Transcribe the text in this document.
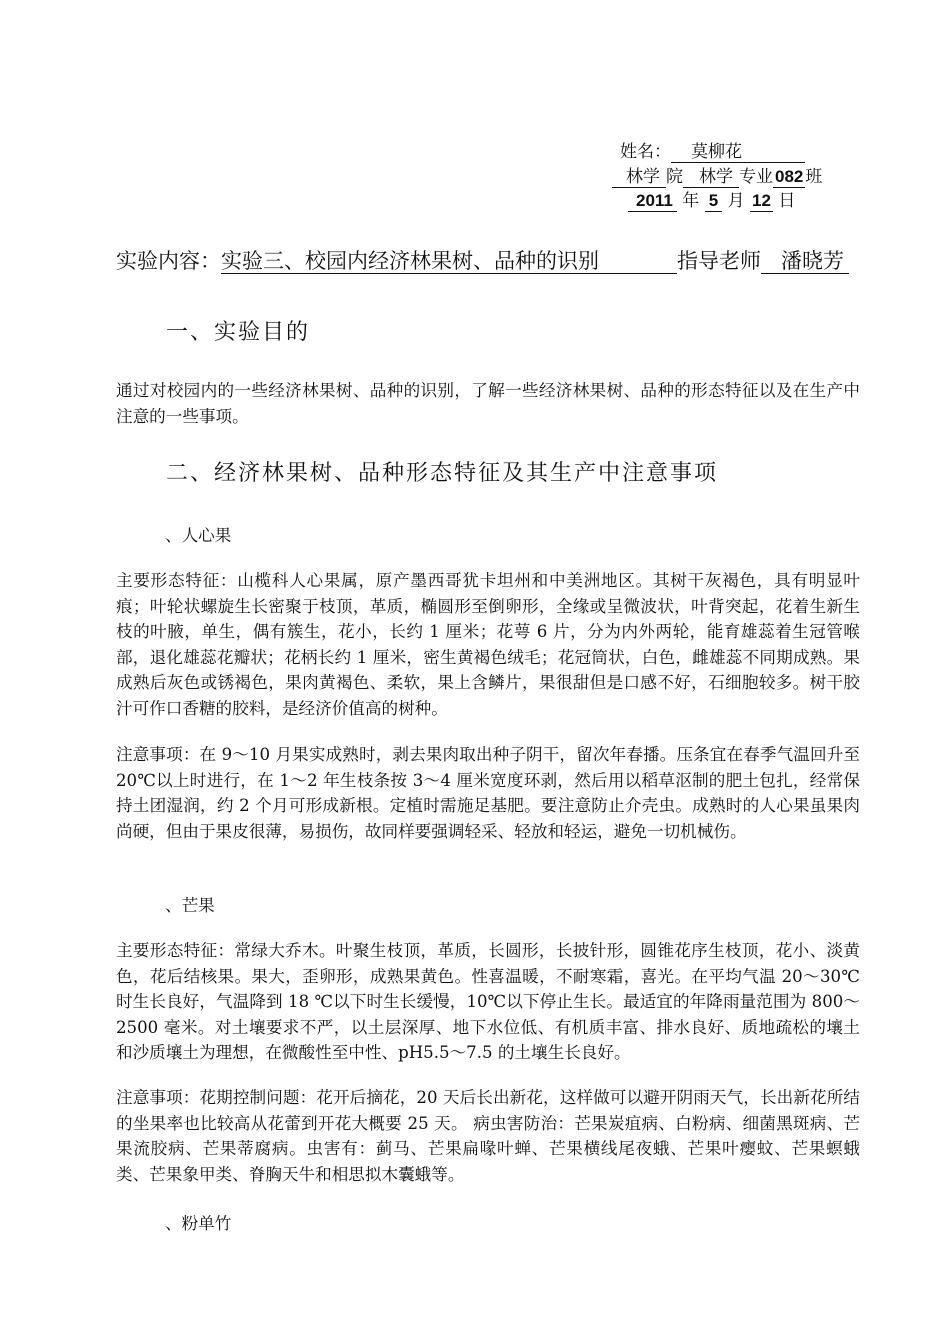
姓名： 莫柳花
林学 院 林学 专业 082 班
2011 年 5 月 12 日
实验内容：实验三、校园内经济林果树、品种的识别	指导老师 潘晓芳
一、实验目的

通过对校园内的一些经济林果树、品种的识别，了解一些经济林果树、品种的形态特征以及在生产中注意的一些事项。

二、经济林果树、品种形态特征及其生产中注意事项

、人心果

主要形态特征：山榄科人心果属，原产墨西哥犹卡坦州和中美洲地区。其树干灰褐色，具有明显叶痕；叶轮状螺旋生长密聚于枝顶，革质，椭圆形至倒卵形，全缘或呈微波状，叶背突起，花着生新生枝的叶腋，单生，偶有簇生，花小，长约 1 厘米；花萼 6 片，分为内外两轮，能育雄蕊着生冠管喉部，退化雄蕊花瓣状；花柄长约 1 厘米，密生黄褐色绒毛；花冠筒状，白色，雌雄蕊不同期成熟。果成熟后灰色或锈褐色，果肉黄褐色、柔软，果上含鳞片，果很甜但是口感不好，石细胞较多。树干胶汁可作口香糖的胶料，是经济价值高的树种。

注意事项：在 9～10 月果实成熟时，剥去果肉取出种子阴干，留次年春播。压条宜在春季气温回升至 20℃以上时进行，在 1～2 年生枝条按 3～4 厘米宽度环剥，然后用以稻草沤制的肥土包扎，经常保持土团湿润，约 2 个月可形成新根。定植时需施足基肥。要注意防止介壳虫。成熟时的人心果虽果肉尚硬，但由于果皮很薄，易损伤，故同样要强调轻采、轻放和轻运，避免一切机械伤。

、芒果

主要形态特征：常绿大乔木。叶聚生枝顶，革质，长圆形，长披针形，圆锥花序生枝顶，花小、淡黄色，花后结核果。果大，歪卵形，成熟果黄色。性喜温暖，不耐寒霜，喜光。在平均气温 20～30℃时生长良好，气温降到 18 ℃以下时生长缓慢，10℃以下停止生长。最适宜的年降雨量范围为 800～2500 毫米。对土壤要求不严，以土层深厚、地下水位低、有机质丰富、排水良好、质地疏松的壤土和沙质壤土为理想，在微酸性至中性、pH5.5～7.5 的土壤生长良好。

注意事项：花期控制问题：花开后摘花，20 天后长出新花，这样做可以避开阴雨天气，长出新花所结的坐果率也比较高从花蕾到开花大概要 25 天。 病虫害防治：芒果炭疽病、白粉病、细菌黑斑病、芒果流胶病、芒果蒂腐病。虫害有：蓟马、芒果扁喙叶蝉、芒果横线尾夜蛾、芒果叶瘿蚊、芒果螟蛾类、芒果象甲类、脊胸天牛和相思拟木囊蛾等。

、粉单竹
